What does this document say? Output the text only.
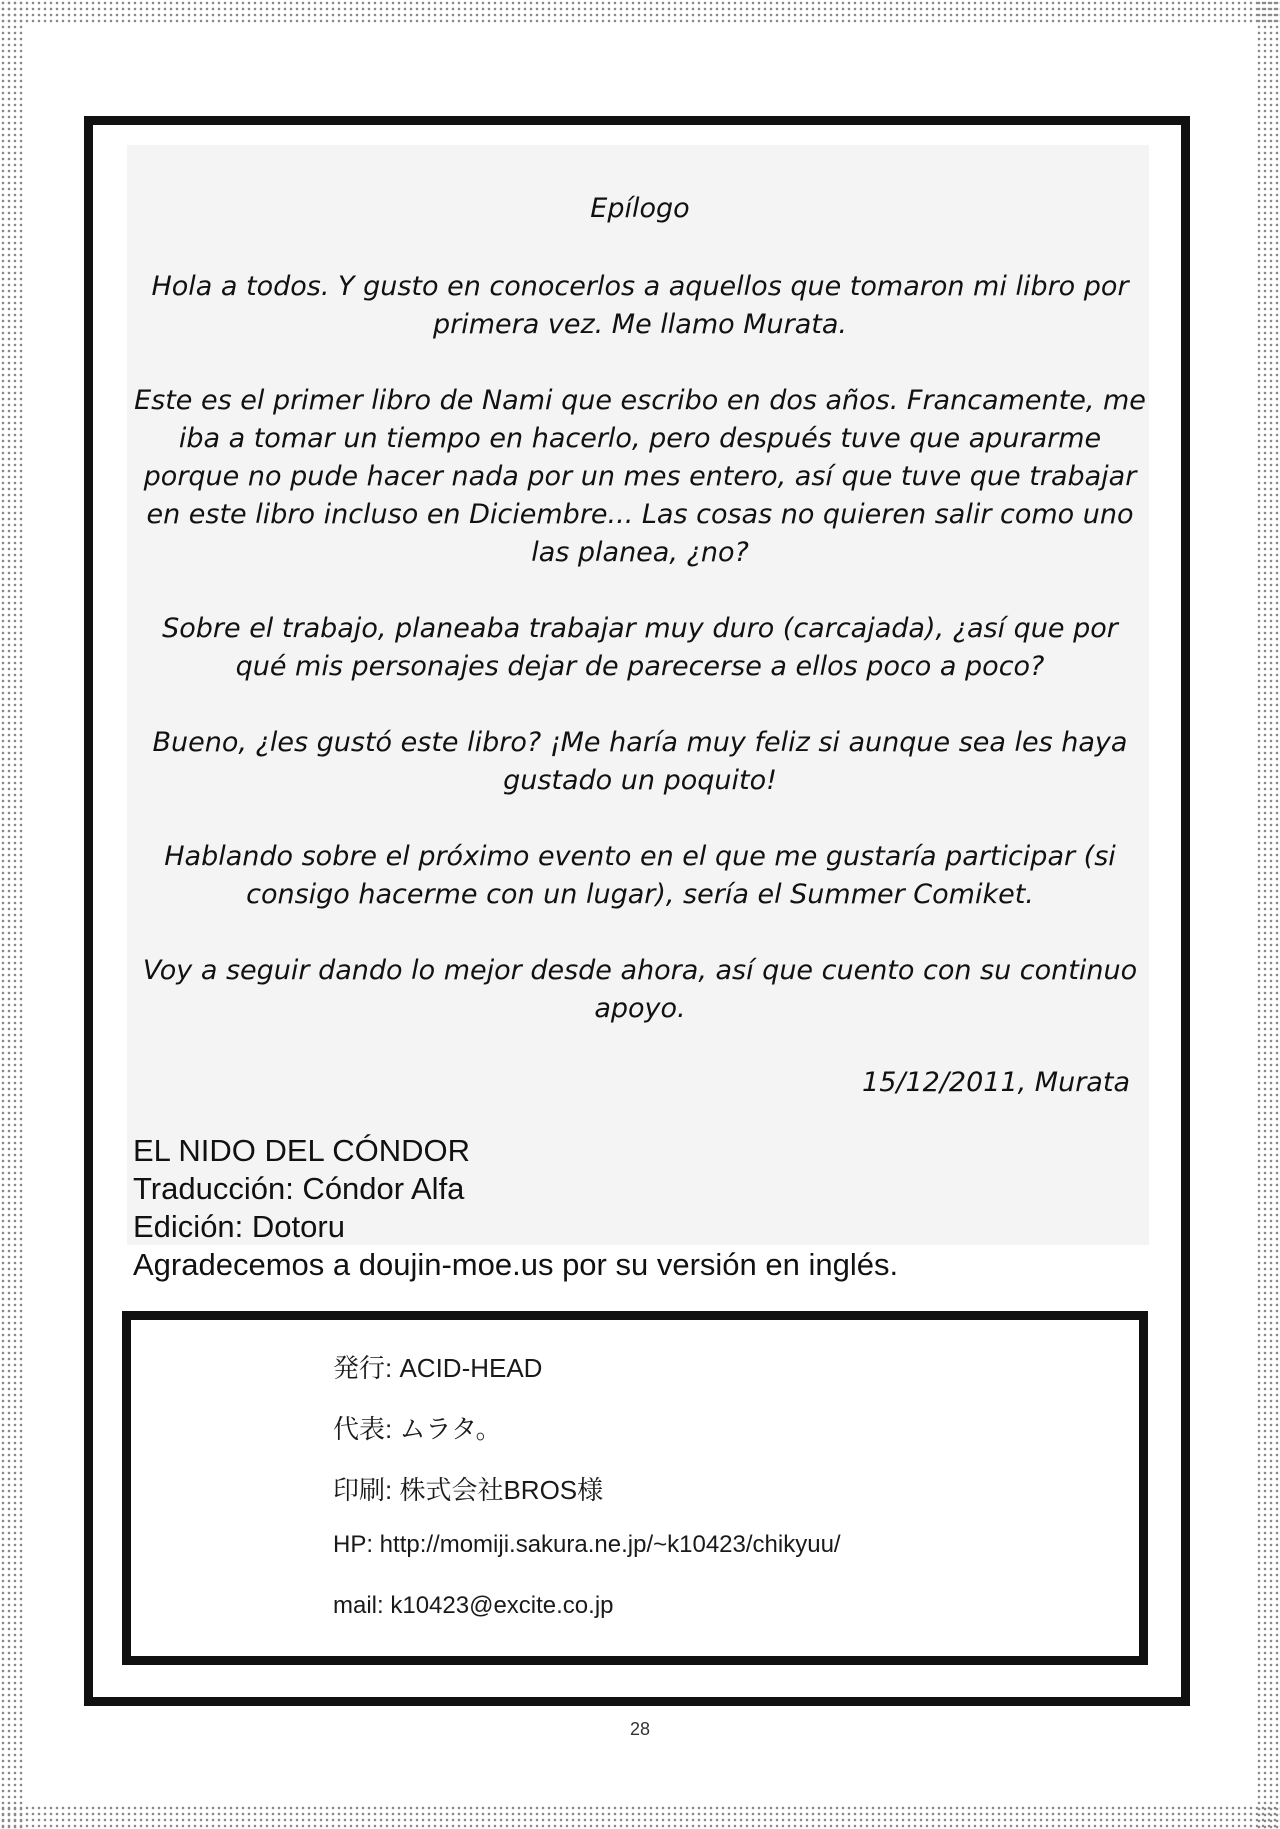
Epílogo

Hola a todos. Y gusto en conocerlos a aquellos que tomaron mi libro por primera vez. Me llamo Murata.

Este es el primer libro de Nami que escribo en dos años. Francamente, me iba a tomar un tiempo en hacerlo, pero después tuve que apurarme porque no pude hacer nada por un mes entero, así que tuve que trabajar en este libro incluso en Diciembre... Las cosas no quieren salir como uno las planea, ¿no?

Sobre el trabajo, planeaba trabajar muy duro (carcajada), ¿así que por qué mis personajes dejar de parecerse a ellos poco a poco?

Bueno, ¿les gustó este libro? ¡Me haría muy feliz si aunque sea les haya gustado un poquito!

Hablando sobre el próximo evento en el que me gustaría participar (si consigo hacerme con un lugar), sería el Summer Comiket.

Voy a seguir dando lo mejor desde ahora, así que cuento con su continuo apoyo.

15/12/2011, Murata
EL NIDO DEL CÓNDOR
Traducción: Cóndor Alfa
Edición: Dotoru
Agradecemos a doujin-moe.us por su versión en inglés.
発行: ACID-HEAD
代表: ムラタ。
印刷: 株式会社BROS様
HP: http://momiji.sakura.ne.jp/~k10423/chikyuu/
mail: k10423@excite.co.jp
28
